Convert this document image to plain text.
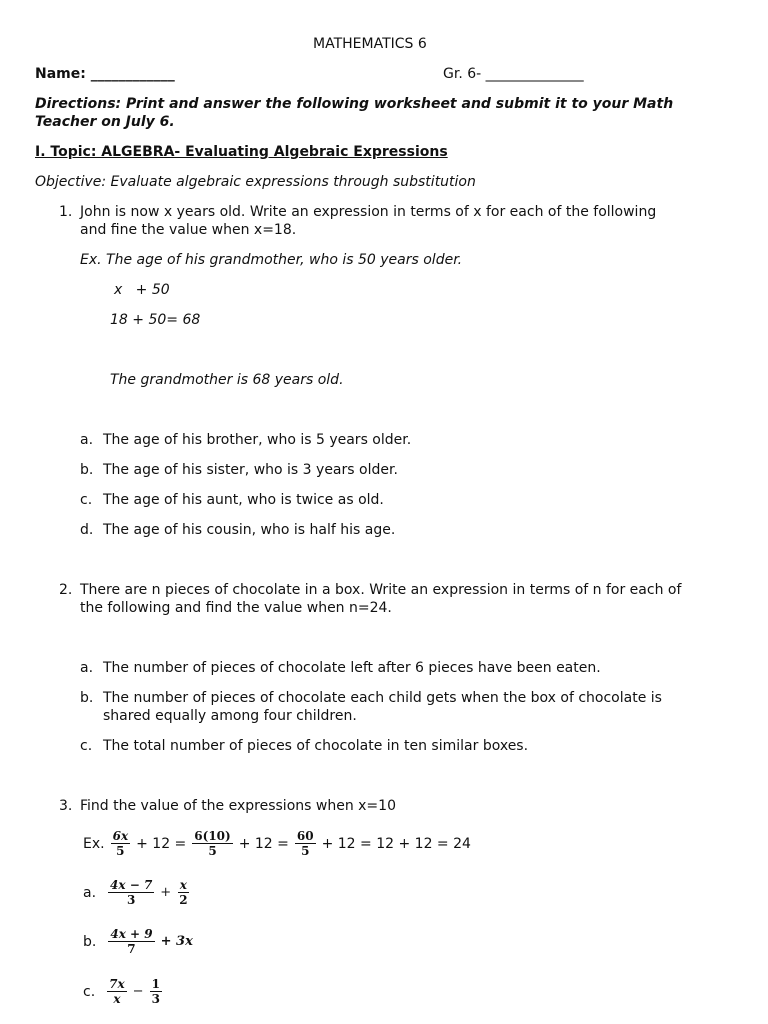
MATHEMATICS 6
Name: ____________	Gr. 6- ______________
Directions: Print and answer the following worksheet and submit it to your Math
Teacher on July 6.
I. Topic: ALGEBRA- Evaluating Algebraic Expressions
Objective: Evaluate algebraic expressions through substitution
1. John is now x years old. Write an expression in terms of x for each of the following
and fine the value when x=18.
Ex. The age of his grandmother, who is 50 years older.
x   + 50
18 + 50= 68
The grandmother is 68 years old.
a. The age of his brother, who is 5 years older.
b. The age of his sister, who is 3 years older.
c. The age of his aunt, who is twice as old.
d. The age of his cousin, who is half his age.
2. There are n pieces of chocolate in a box. Write an expression in terms of n for each of
the following and find the value when n=24.
a. The number of pieces of chocolate left after 6 pieces have been eaten.
b. The number of pieces of chocolate each child gets when the box of chocolate is
shared equally among four children.
c. The total number of pieces of chocolate in ten similar boxes.
3. Find the value of the expressions when x=10
Ex. $\frac{6x}{5} + 12 = \frac{6(10)}{5} + 12 = \frac{60}{5} + 12 = 12 + 12 = 24$
a. $\frac{4x - 7}{3} + \frac{x}{2}$
b. $\frac{4x + 9}{7} + 3x$
c. $\frac{7x}{x} - \frac{1}{3}$
